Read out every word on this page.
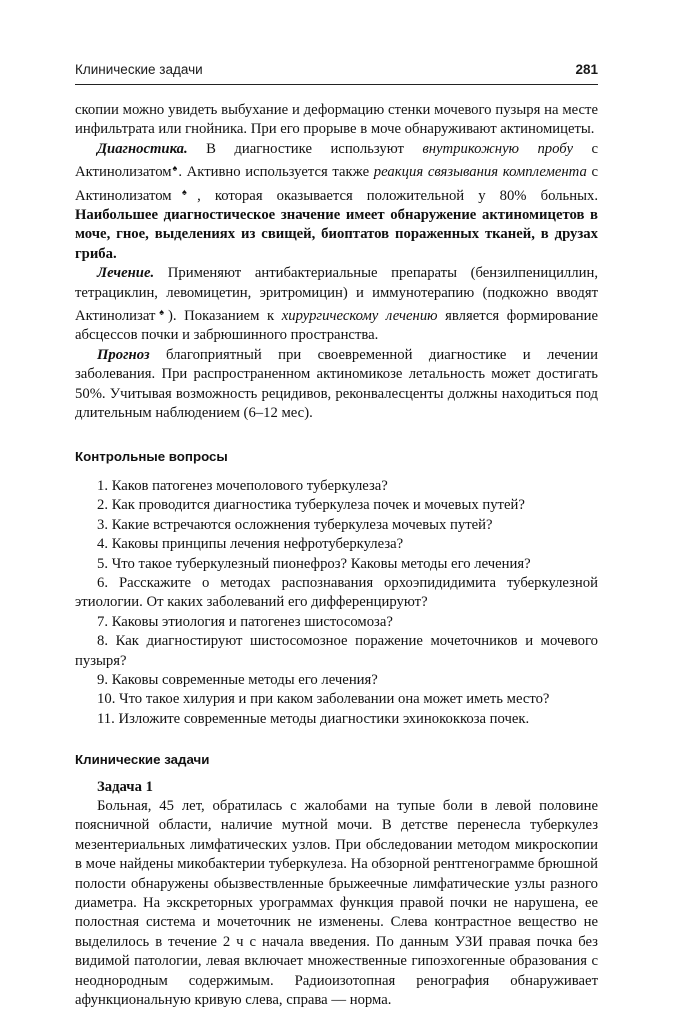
Клинические задачи	281

скопии можно увидеть выбухание и деформацию стенки мочевого пузыря на месте инфильтрата или гнойника. При его прорыве в моче обнаруживают актиномицеты.

Диагностика. В диагностике используют внутрикожную пробу с Актинолизатом♠. Активно используется также реакция связывания комплемента с Актинолизатом♠, которая оказывается положительной у 80% больных. Наибольшее диагностическое значение имеет обнаружение актиномицетов в моче, гное, выделениях из свищей, биоптатов пораженных тканей, в друзах гриба.

Лечение. Применяют антибактериальные препараты (бензилпенициллин, тетрациклин, левомицетин, эритромицин) и иммунотерапию (подкожно вводят Актинолизат♠). Показанием к хирургическому лечению является формирование абсцессов почки и забрюшинного пространства.

Прогноз благоприятный при своевременной диагностике и лечении заболевания. При распространенном актиномикозе летальность может достигать 50%. Учитывая возможность рецидивов, реконвалесценты должны находиться под длительным наблюдением (6–12 мес).

Контрольные вопросы

1. Каков патогенез мочеполового туберкулеза?

2. Как проводится диагностика туберкулеза почек и мочевых путей?

3. Какие встречаются осложнения туберкулеза мочевых путей?

4. Каковы принципы лечения нефротуберкулеза?

5. Что такое туберкулезный пионефроз? Каковы методы его лечения?

6. Расскажите о методах распознавания орхоэпидидимита туберкулезной этиологии. От каких заболеваний его дифференцируют?

7. Каковы этиология и патогенез шистосомоза?

8. Как диагностируют шистосомозное поражение мочеточников и мочевого пузыря?

9. Каковы современные методы его лечения?

10. Что такое хилурия и при каком заболевании она может иметь место?

11. Изложите современные методы диагностики эхинококкоза почек.

Клинические задачи

Задача 1

Больная, 45 лет, обратилась с жалобами на тупые боли в левой половине поясничной области, наличие мутной мочи. В детстве перенесла туберкулез мезентериальных лимфатических узлов. При обследовании методом микроскопии в моче найдены микобактерии туберкулеза. На обзорной рентгенограмме брюшной полости обнаружены обызвествленные брыжеечные лимфатические узлы разного диаметра. На экскреторных урограммах функция правой почки не нарушена, ее полостная система и мочеточник не изменены. Слева контрастное вещество не выделилось в течение 2 ч с начала введения. По данным УЗИ правая почка без видимой патологии, левая включает множественные гипоэхогенные образования с неоднородным содержимым. Радиоизотопная ренография обнаруживает афункциональную кривую слева, справа — норма.
